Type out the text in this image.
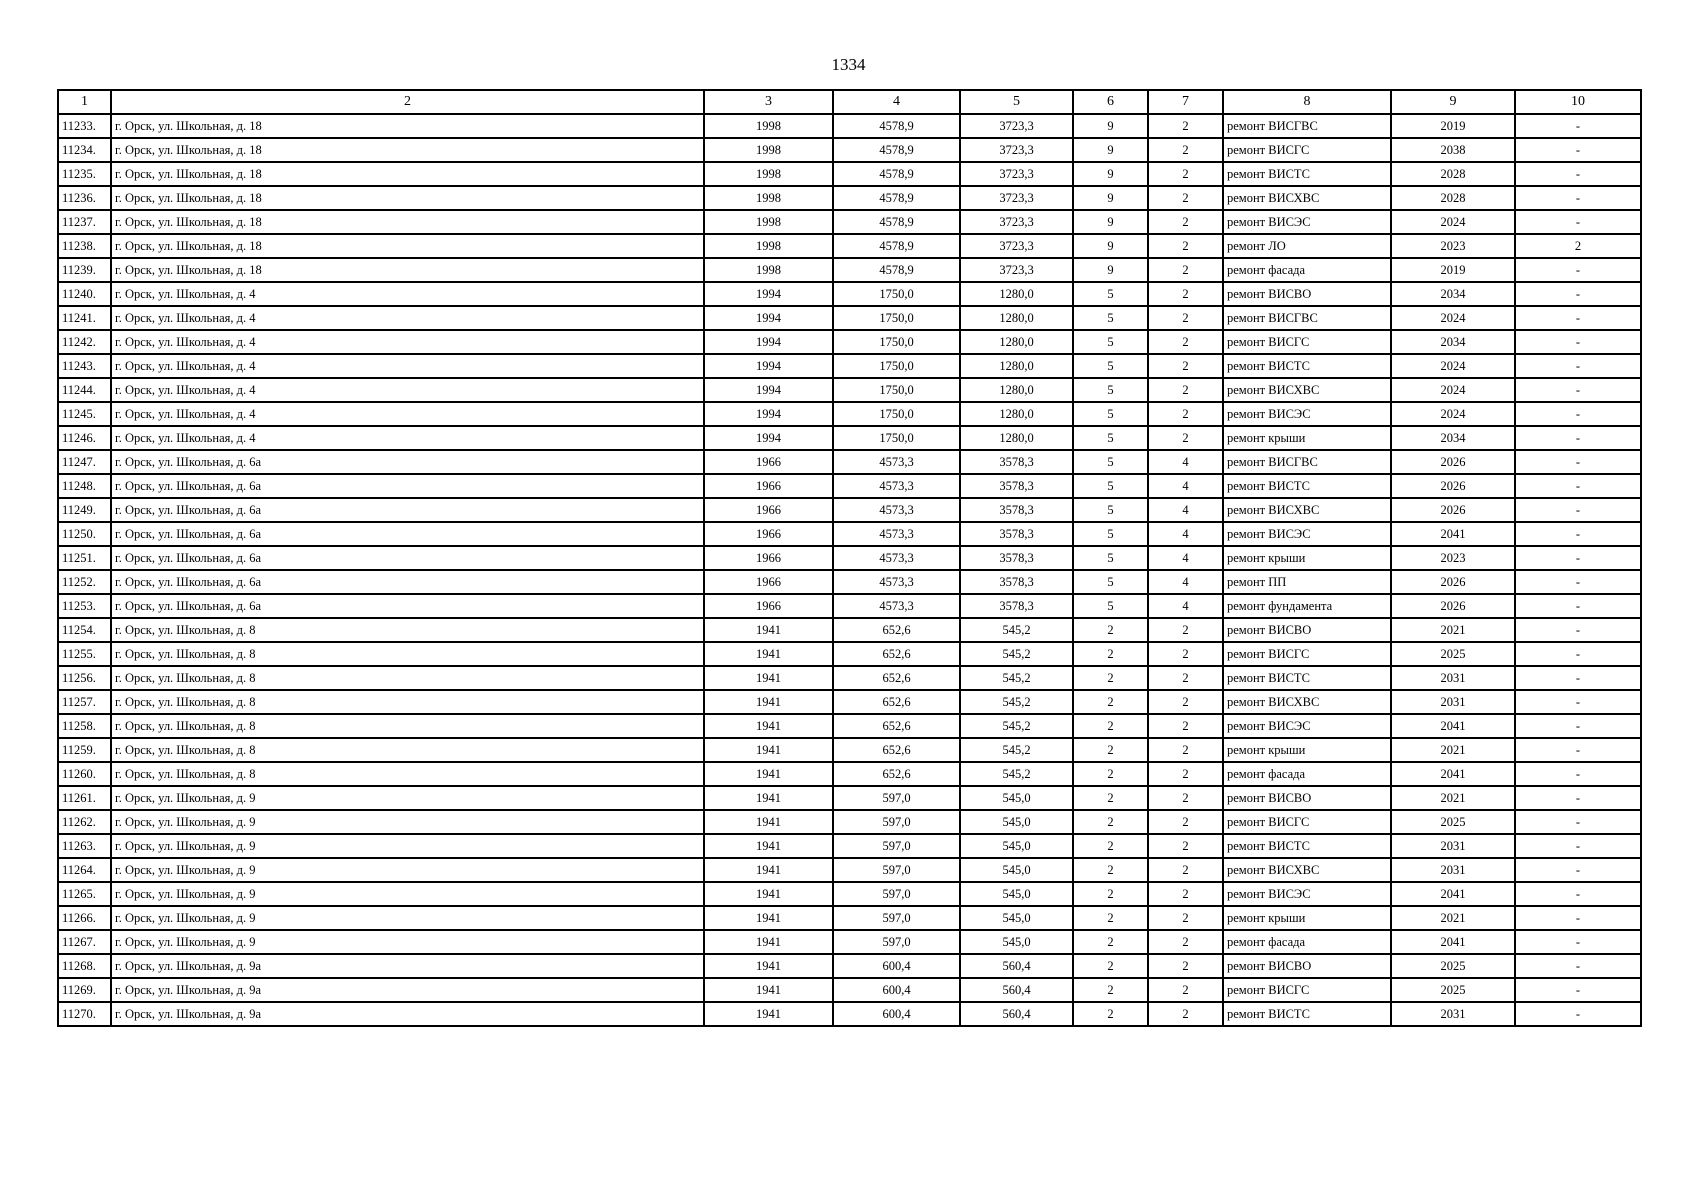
1334
1	2	3	4	5	6	7	8	9	10
11233.	г. Орск, ул. Школьная, д. 18	1998	4578,9	3723,3	9	2	ремонт ВИСГВС	2019	-
11234.	г. Орск, ул. Школьная, д. 18	1998	4578,9	3723,3	9	2	ремонт ВИСГС	2038	-
11235.	г. Орск, ул. Школьная, д. 18	1998	4578,9	3723,3	9	2	ремонт ВИСТС	2028	-
11236.	г. Орск, ул. Школьная, д. 18	1998	4578,9	3723,3	9	2	ремонт ВИСХВС	2028	-
11237.	г. Орск, ул. Школьная, д. 18	1998	4578,9	3723,3	9	2	ремонт ВИСЭС	2024	-
11238.	г. Орск, ул. Школьная, д. 18	1998	4578,9	3723,3	9	2	ремонт ЛО	2023	2
11239.	г. Орск, ул. Школьная, д. 18	1998	4578,9	3723,3	9	2	ремонт фасада	2019	-
11240.	г. Орск, ул. Школьная, д. 4	1994	1750,0	1280,0	5	2	ремонт ВИСВО	2034	-
11241.	г. Орск, ул. Школьная, д. 4	1994	1750,0	1280,0	5	2	ремонт ВИСГВС	2024	-
11242.	г. Орск, ул. Школьная, д. 4	1994	1750,0	1280,0	5	2	ремонт ВИСГС	2034	-
11243.	г. Орск, ул. Школьная, д. 4	1994	1750,0	1280,0	5	2	ремонт ВИСТС	2024	-
11244.	г. Орск, ул. Школьная, д. 4	1994	1750,0	1280,0	5	2	ремонт ВИСХВС	2024	-
11245.	г. Орск, ул. Школьная, д. 4	1994	1750,0	1280,0	5	2	ремонт ВИСЭС	2024	-
11246.	г. Орск, ул. Школьная, д. 4	1994	1750,0	1280,0	5	2	ремонт крыши	2034	-
11247.	г. Орск, ул. Школьная, д. 6а	1966	4573,3	3578,3	5	4	ремонт ВИСГВС	2026	-
11248.	г. Орск, ул. Школьная, д. 6а	1966	4573,3	3578,3	5	4	ремонт ВИСТС	2026	-
11249.	г. Орск, ул. Школьная, д. 6а	1966	4573,3	3578,3	5	4	ремонт ВИСХВС	2026	-
11250.	г. Орск, ул. Школьная, д. 6а	1966	4573,3	3578,3	5	4	ремонт ВИСЭС	2041	-
11251.	г. Орск, ул. Школьная, д. 6а	1966	4573,3	3578,3	5	4	ремонт крыши	2023	-
11252.	г. Орск, ул. Школьная, д. 6а	1966	4573,3	3578,3	5	4	ремонт ПП	2026	-
11253.	г. Орск, ул. Школьная, д. 6а	1966	4573,3	3578,3	5	4	ремонт фундамента	2026	-
11254.	г. Орск, ул. Школьная, д. 8	1941	652,6	545,2	2	2	ремонт ВИСВО	2021	-
11255.	г. Орск, ул. Школьная, д. 8	1941	652,6	545,2	2	2	ремонт ВИСГС	2025	-
11256.	г. Орск, ул. Школьная, д. 8	1941	652,6	545,2	2	2	ремонт ВИСТС	2031	-
11257.	г. Орск, ул. Школьная, д. 8	1941	652,6	545,2	2	2	ремонт ВИСХВС	2031	-
11258.	г. Орск, ул. Школьная, д. 8	1941	652,6	545,2	2	2	ремонт ВИСЭС	2041	-
11259.	г. Орск, ул. Школьная, д. 8	1941	652,6	545,2	2	2	ремонт крыши	2021	-
11260.	г. Орск, ул. Школьная, д. 8	1941	652,6	545,2	2	2	ремонт фасада	2041	-
11261.	г. Орск, ул. Школьная, д. 9	1941	597,0	545,0	2	2	ремонт ВИСВО	2021	-
11262.	г. Орск, ул. Школьная, д. 9	1941	597,0	545,0	2	2	ремонт ВИСГС	2025	-
11263.	г. Орск, ул. Школьная, д. 9	1941	597,0	545,0	2	2	ремонт ВИСТС	2031	-
11264.	г. Орск, ул. Школьная, д. 9	1941	597,0	545,0	2	2	ремонт ВИСХВС	2031	-
11265.	г. Орск, ул. Школьная, д. 9	1941	597,0	545,0	2	2	ремонт ВИСЭС	2041	-
11266.	г. Орск, ул. Школьная, д. 9	1941	597,0	545,0	2	2	ремонт крыши	2021	-
11267.	г. Орск, ул. Школьная, д. 9	1941	597,0	545,0	2	2	ремонт фасада	2041	-
11268.	г. Орск, ул. Школьная, д. 9а	1941	600,4	560,4	2	2	ремонт ВИСВО	2025	-
11269.	г. Орск, ул. Школьная, д. 9а	1941	600,4	560,4	2	2	ремонт ВИСГС	2025	-
11270.	г. Орск, ул. Школьная, д. 9а	1941	600,4	560,4	2	2	ремонт ВИСТС	2031	-
